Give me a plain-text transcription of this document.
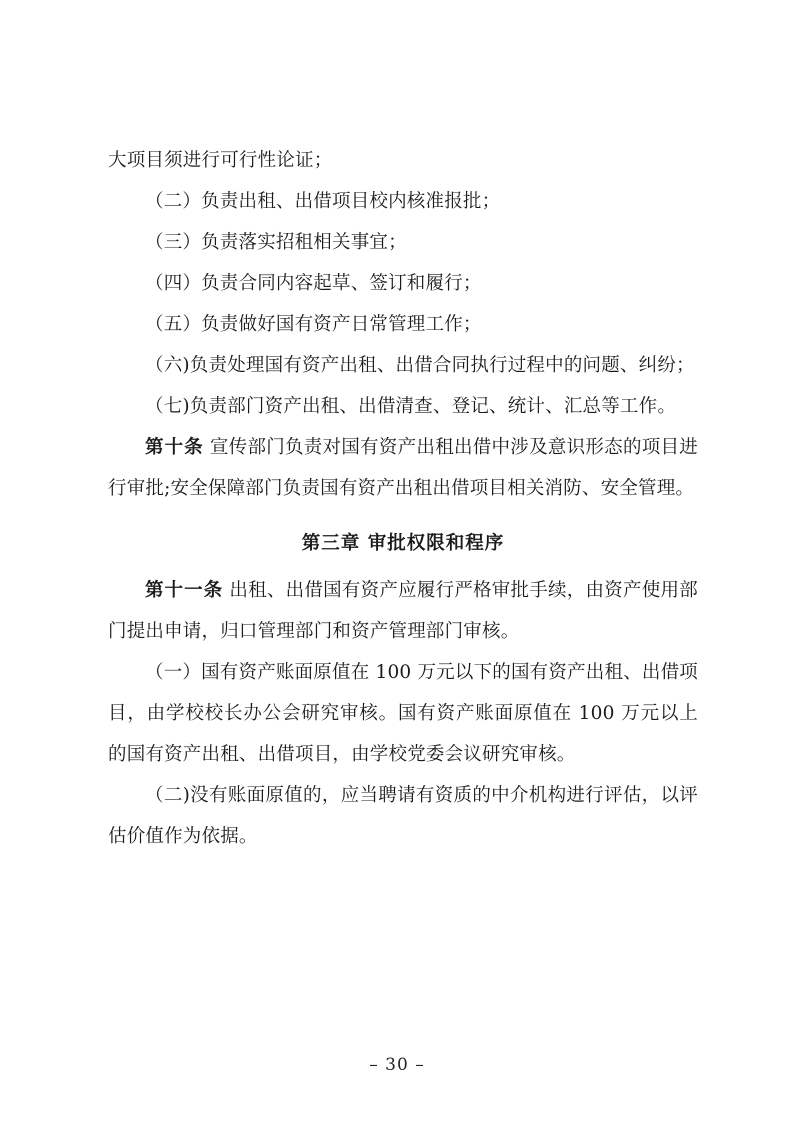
大项目须进行可行性论证；

（二）负责出租、出借项目校内核准报批；

（三）负责落实招租相关事宜；

（四）负责合同内容起草、签订和履行；

（五）负责做好国有资产日常管理工作；

（六)负责处理国有资产出租、出借合同执行过程中的问题、纠纷；

（七)负责部门资产出租、出借清查、登记、统计、汇总等工作。

第十条 宣传部门负责对国有资产出租出借中涉及意识形态的项目进行审批;安全保障部门负责国有资产出租出借项目相关消防、安全管理。

第三章 审批权限和程序

第十一条 出租、出借国有资产应履行严格审批手续，由资产使用部门提出申请，归口管理部门和资产管理部门审核。

（一）国有资产账面原值在 100 万元以下的国有资产出租、出借项目，由学校校长办公会研究审核。国有资产账面原值在 100 万元以上的国有资产出租、出借项目，由学校党委会议研究审核。

（二)没有账面原值的，应当聘请有资质的中介机构进行评估，以评估价值作为依据。

– 30 –
